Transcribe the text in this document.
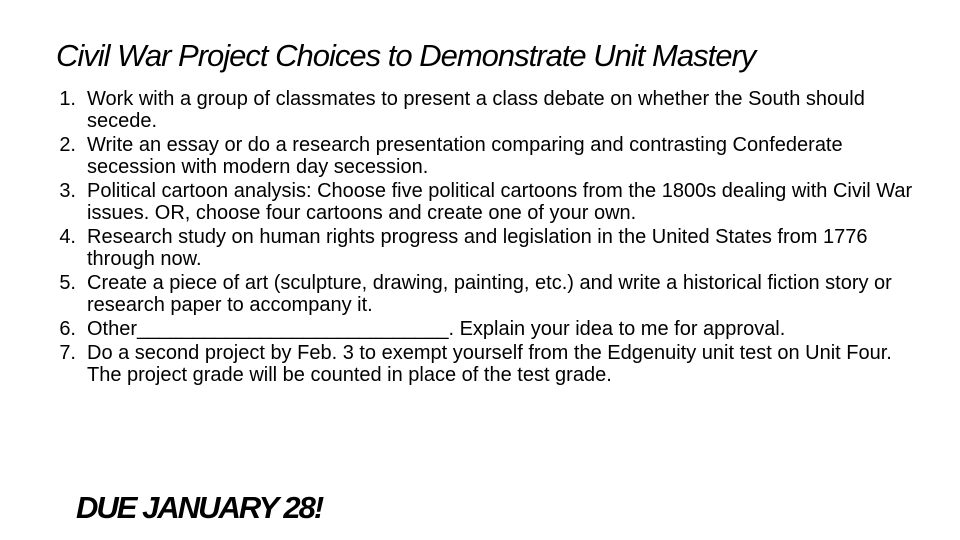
Civil War Project Choices to Demonstrate Unit Mastery
1. Work with a group of classmates to present a class debate on whether the South should secede.
2. Write an essay or do a research presentation comparing and contrasting Confederate secession with modern day secession.
3. Political cartoon analysis: Choose five political cartoons from the 1800s dealing with Civil War issues. OR, choose four cartoons and create one of your own.
4. Research study on human rights progress and legislation in the United States from 1776 through now.
5. Create a piece of art (sculpture, drawing, painting, etc.) and write a historical fiction story or research paper to accompany it.
6. Other____________________________. Explain your idea to me for approval.
7. Do a second project by Feb. 3 to exempt yourself from the Edgenuity unit test on Unit Four. The project grade will be counted in place of the test grade.
DUE JANUARY 28!
